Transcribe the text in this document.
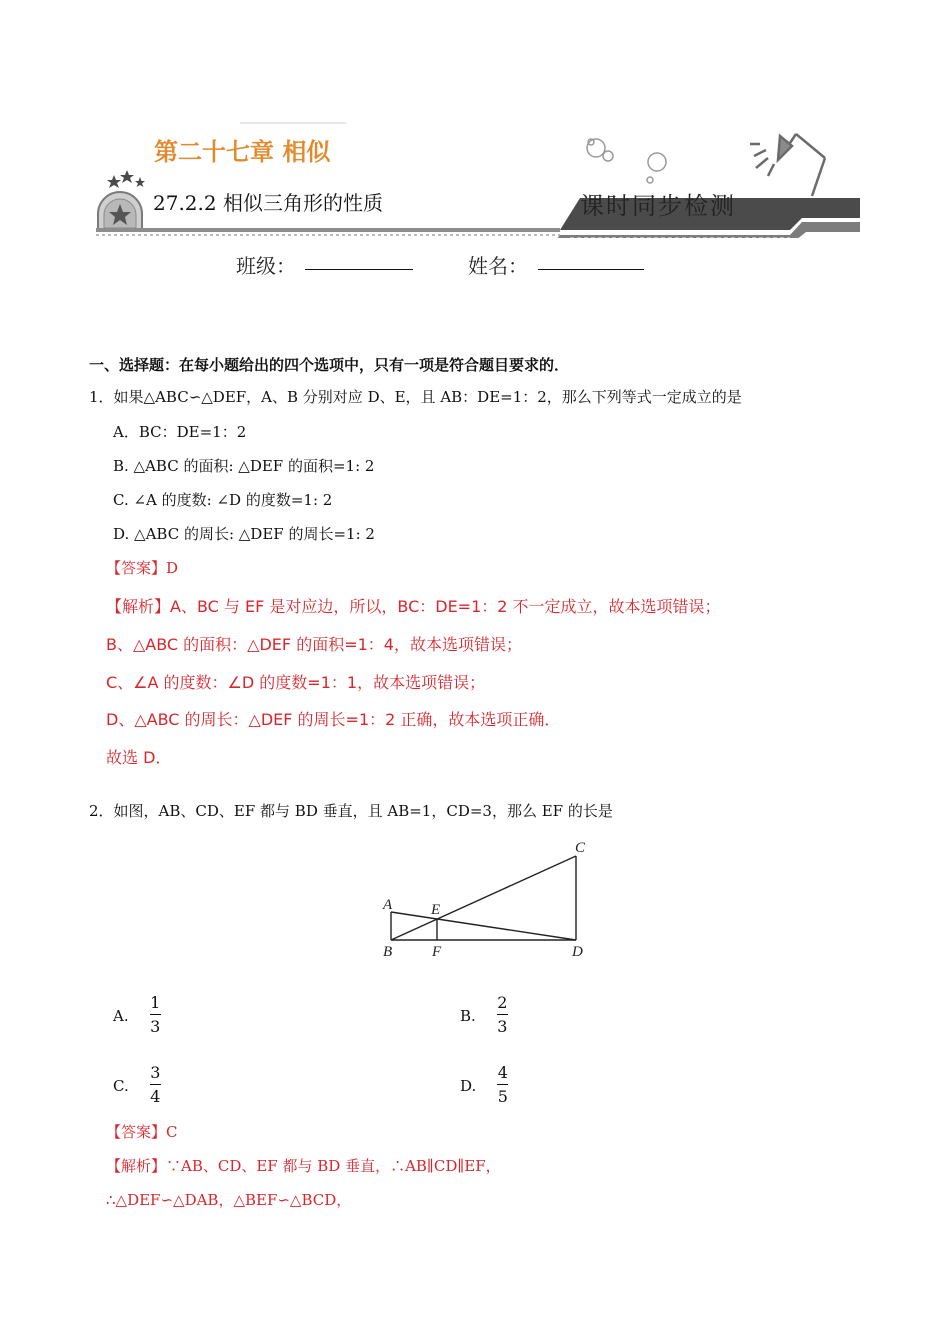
第二十七章 相似
27.2.2 相似三角形的性质	课时同步检测
班级：	姓名：
一、选择题：在每小题给出的四个选项中，只有一项是符合题目要求的．
1．如果△ABC∽△DEF，A、B 分别对应 D、E，且 AB：DE=1：2，那么下列等式一定成立的是
A．BC：DE=1：2
B. △ABC 的面积: △DEF 的面积=1: 2
C. ∠A 的度数: ∠D 的度数=1: 2
D. △ABC 的周长: △DEF 的周长=1: 2
【答案】D
【解析】A、BC 与 EF 是对应边，所以，BC：DE=1：2 不一定成立，故本选项错误；
B、△ABC 的面积：△DEF 的面积=1：4，故本选项错误；
C、∠A 的度数：∠D 的度数=1：1，故本选项错误；
D、△ABC 的周长：△DEF 的周长=1：2 正确，故本选项正确．
故选 D．
2．如图，AB、CD、EF 都与 BD 垂直，且 AB=1，CD=3，那么 EF 的长是
A
B
C
D
E
F
A. $\frac{1}{3}$	B. $\frac{2}{3}$
C. $\frac{3}{4}$	D. $\frac{4}{5}$
【答案】C
【解析】∵AB、CD、EF 都与 BD 垂直，∴AB∥CD∥EF，
∴△DEF∽△DAB，△BEF∽△BCD，
